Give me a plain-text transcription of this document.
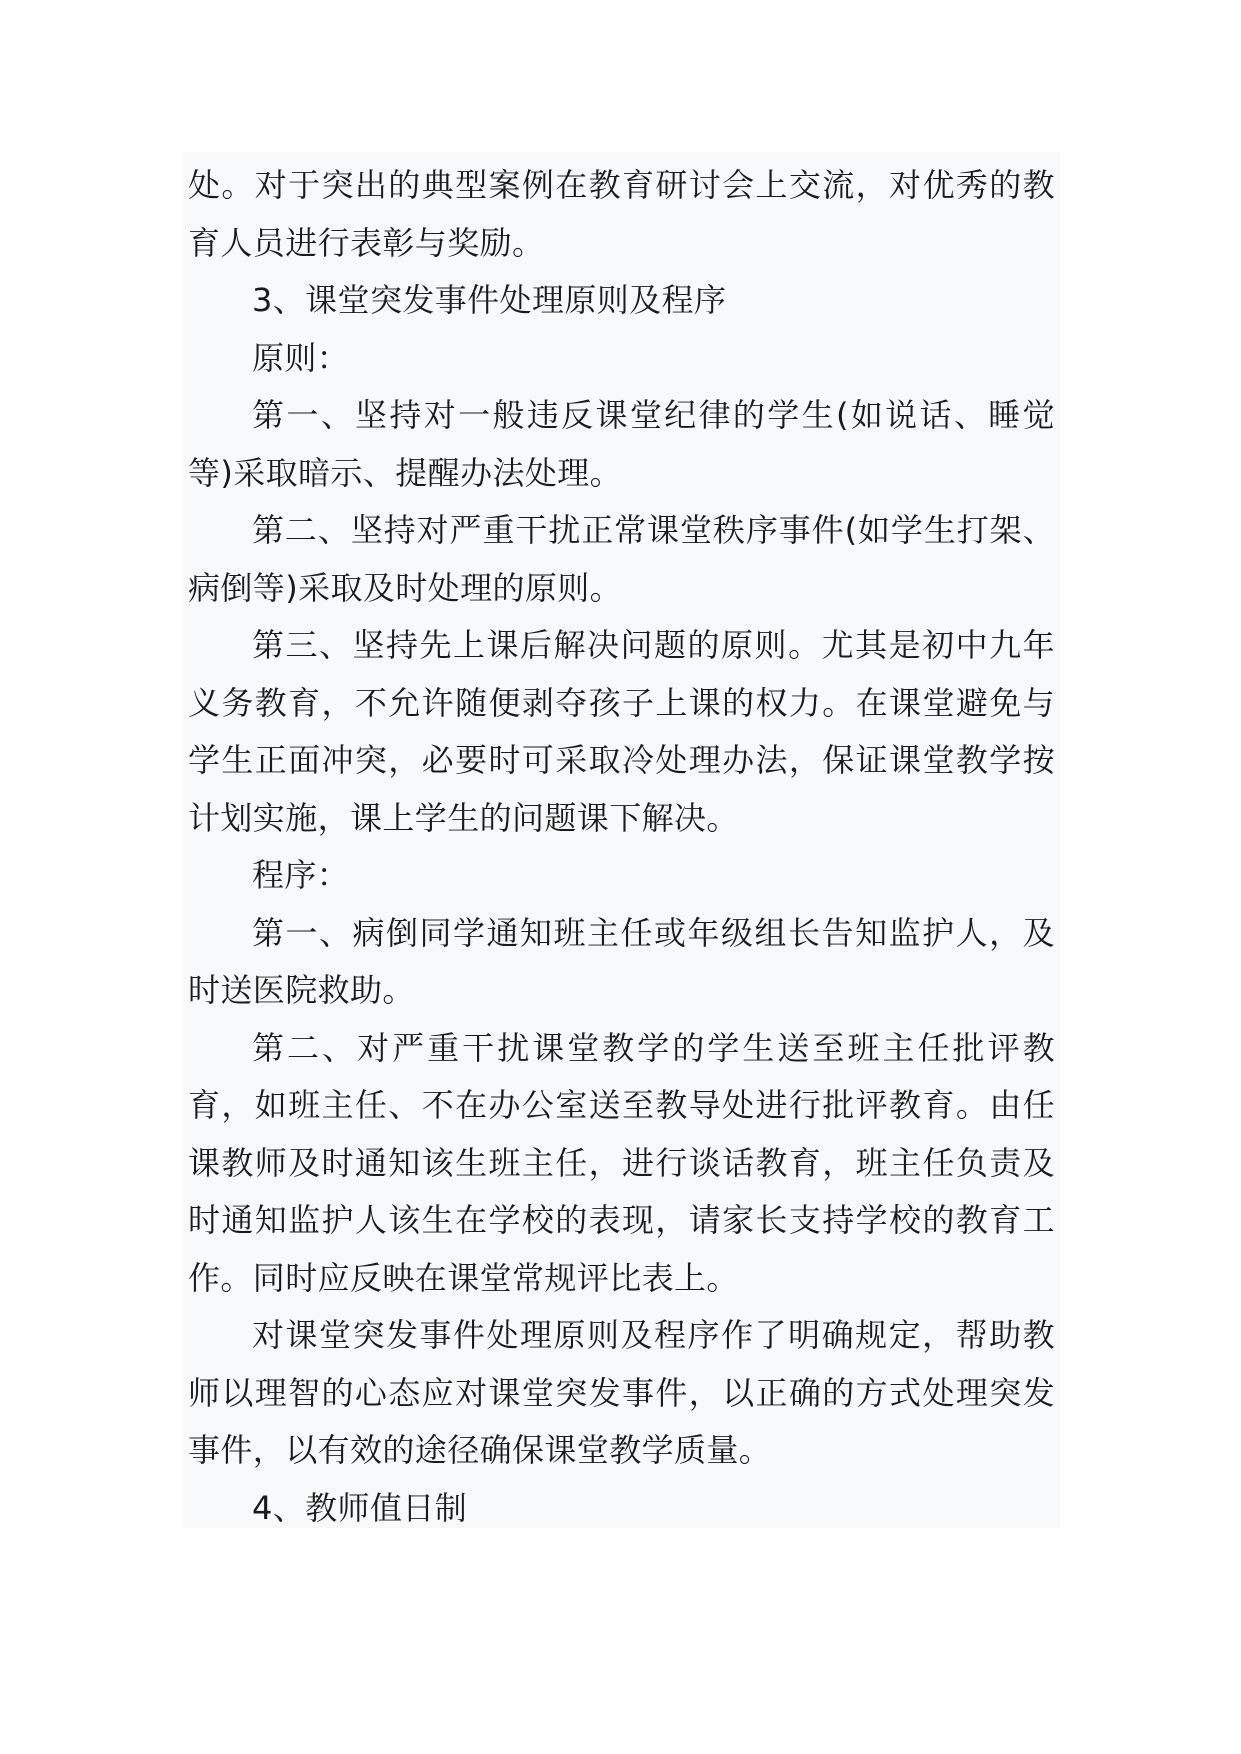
处。对于突出的典型案例在教育研讨会上交流，对优秀的教育人员进行表彰与奖励。

3、课堂突发事件处理原则及程序

原则：

第一、坚持对一般违反课堂纪律的学生(如说话、睡觉等)采取暗示、提醒办法处理。

第二、坚持对严重干扰正常课堂秩序事件(如学生打架、病倒等)采取及时处理的原则。

第三、坚持先上课后解决问题的原则。尤其是初中九年义务教育，不允许随便剥夺孩子上课的权力。在课堂避免与学生正面冲突，必要时可采取冷处理办法，保证课堂教学按计划实施，课上学生的问题课下解决。

程序：

第一、病倒同学通知班主任或年级组长告知监护人，及时送医院救助。

第二、对严重干扰课堂教学的学生送至班主任批评教育，如班主任、不在办公室送至教导处进行批评教育。由任课教师及时通知该生班主任，进行谈话教育，班主任负责及时通知监护人该生在学校的表现，请家长支持学校的教育工作。同时应反映在课堂常规评比表上。

对课堂突发事件处理原则及程序作了明确规定，帮助教师以理智的心态应对课堂突发事件，以正确的方式处理突发事件，以有效的途径确保课堂教学质量。

4、教师值日制
